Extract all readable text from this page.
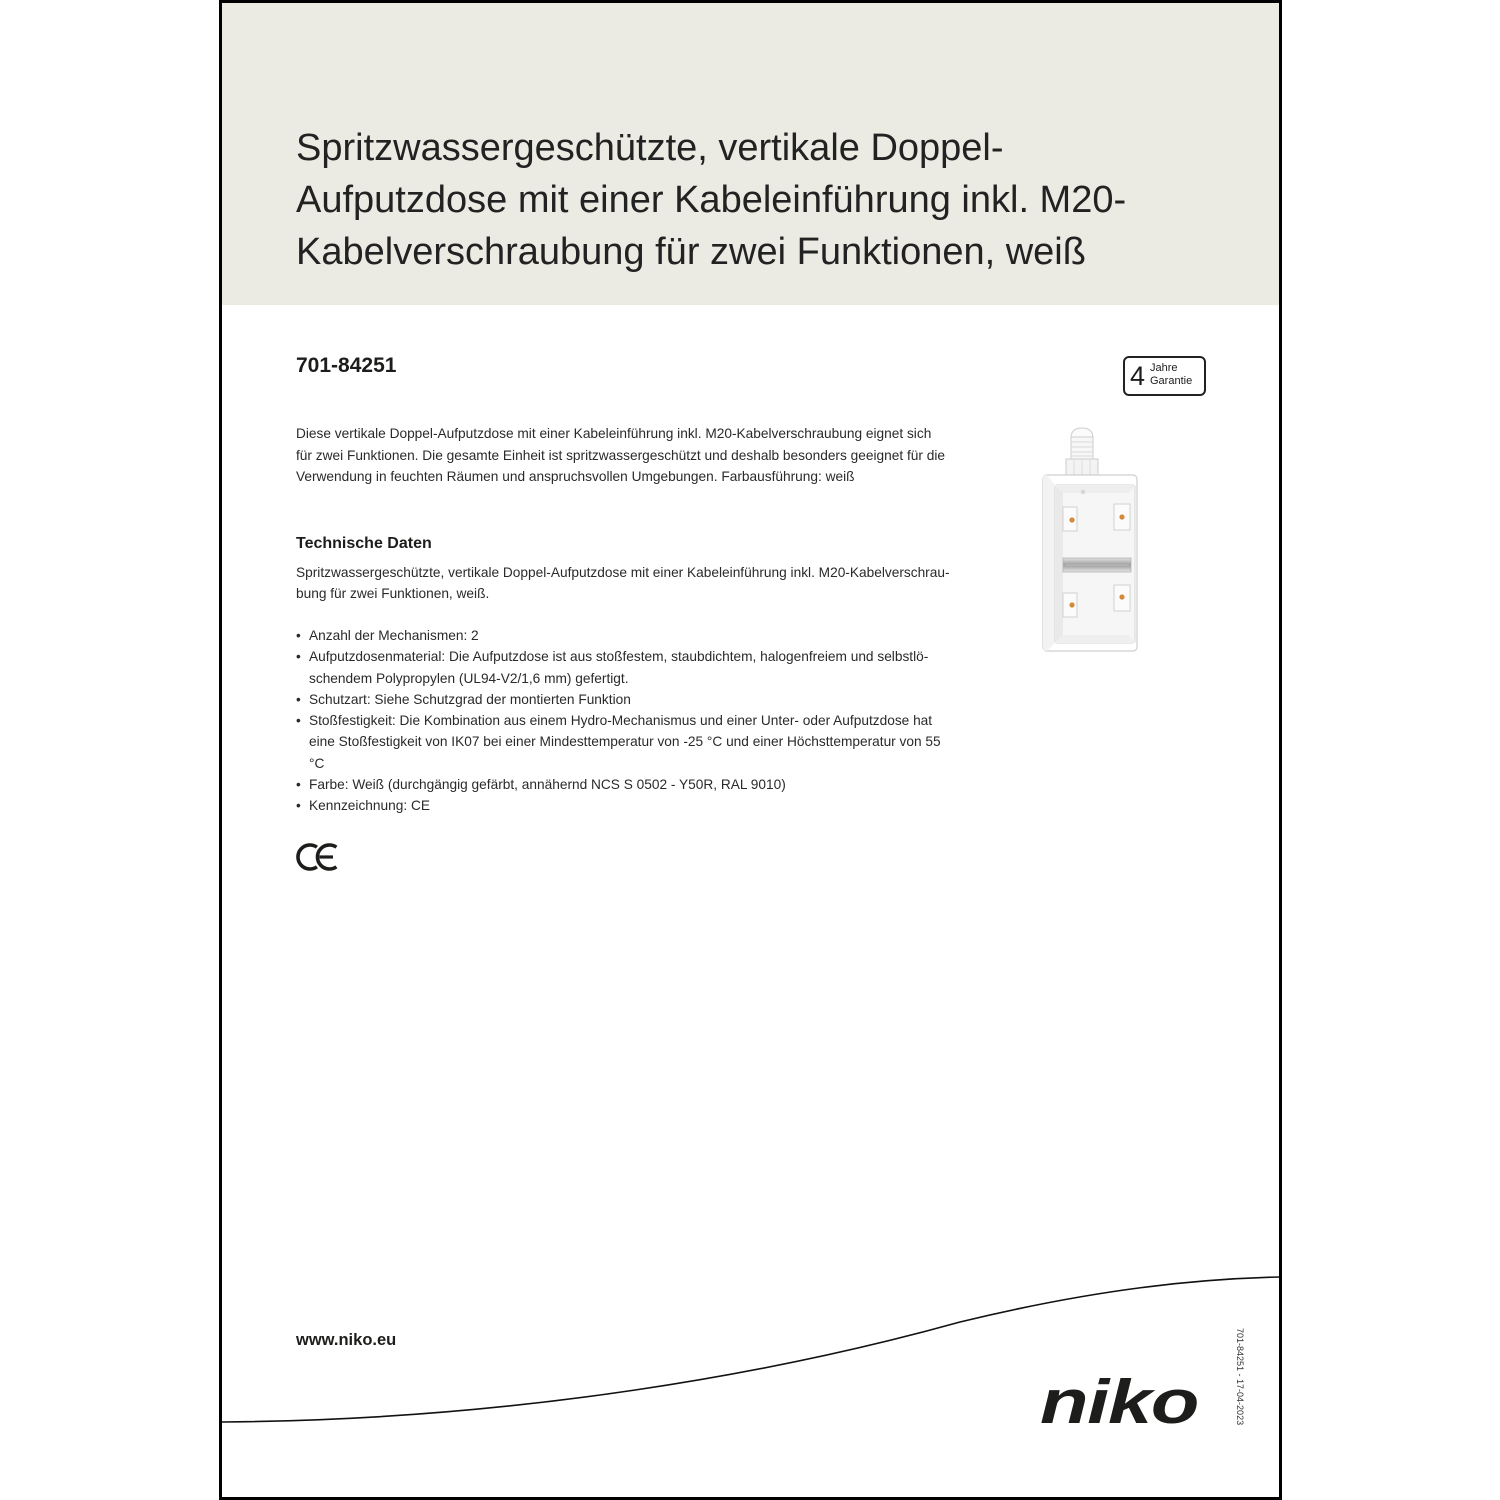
Spritzwassergeschützte, vertikale Doppel-
Aufputzdose mit einer Kabeleinführung inkl. M20-
Kabelverschraubung für zwei Funktionen, weiß
701-84251	4 Jahre
Garantie
Diese vertikale Doppel-Aufputzdose mit einer Kabeleinführung inkl. M20-Kabelverschraubung eignet sich
für zwei Funktionen. Die gesamte Einheit ist spritzwassergeschützt und deshalb besonders geeignet für die
Verwendung in feuchten Räumen und anspruchsvollen Umgebungen. Farbausführung: weiß
Technische Daten
Spritzwassergeschützte, vertikale Doppel-Aufputzdose mit einer Kabeleinführung inkl. M20-Kabelverschrau-
bung für zwei Funktionen, weiß.
• Anzahl der Mechanismen: 2
• Aufputzdosenmaterial: Die Aufputzdose ist aus stoßfestem, staubdichtem, halogenfreiem und selbstlö-
schendem Polypropylen (UL94-V2/1,6 mm) gefertigt.
• Schutzart: Siehe Schutzgrad der montierten Funktion
• Stoßfestigkeit: Die Kombination aus einem Hydro-Mechanismus und einer Unter- oder Aufputzdose hat
eine Stoßfestigkeit von IK07 bei einer Mindesttemperatur von -25 °C und einer Höchsttemperatur von 55
°C
• Farbe: Weiß (durchgängig gefärbt, annähernd NCS S 0502 - Y50R, RAL 9010)
• Kennzeichnung: CE
www.niko.eu
niko	701-84251 - 17-04-2023
